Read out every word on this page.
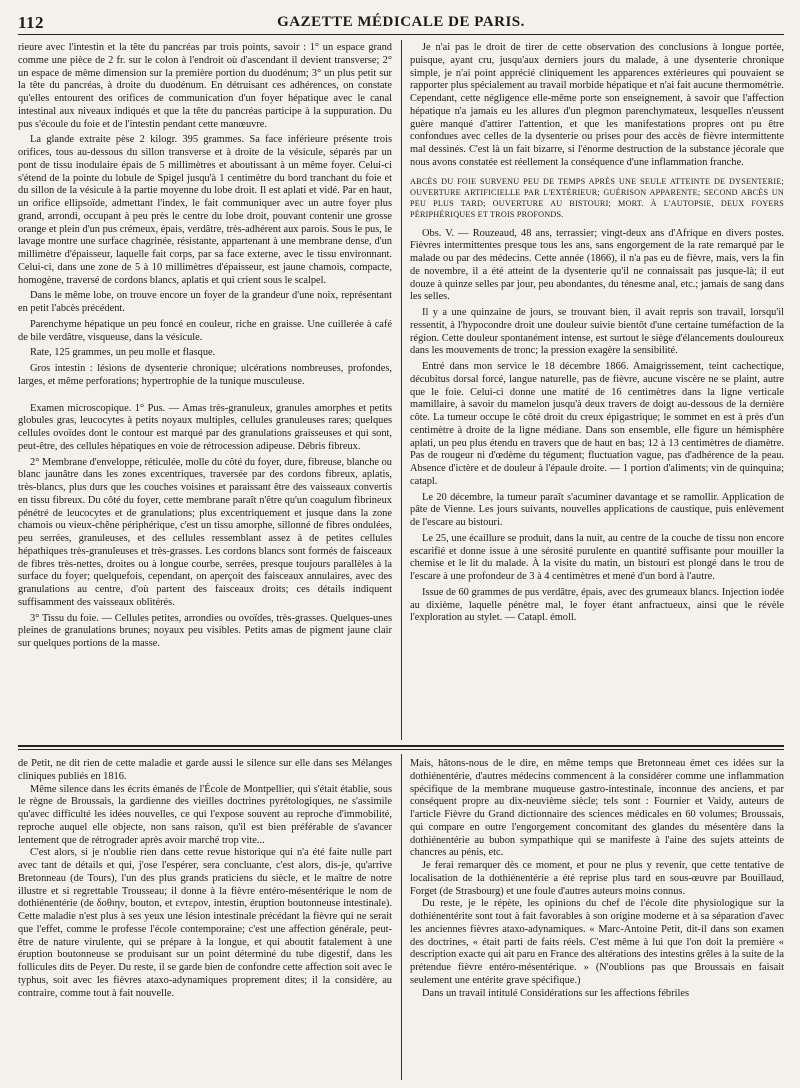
112	GAZETTE MÉDICALE DE PARIS.

rieure avec l'intestin et la tête du pancréas par trois points, savoir : 1° un espace grand comme une pièce de 2 fr. sur le colon à l'endroit où d'ascendant il devient transverse; 2° un espace de même dimension sur la première portion du duodénum; 3° un plus petit sur la tête du pancréas, à droite du duodénum. En détruisant ces adhérences, on constate qu'elles entourent des orifices de communication d'un foyer hépatique avec le canal intestinal aux niveaux indiqués et que la tête du pancréas participe à la suppuration. Du pus s'écoule du foie et de l'intestin pendant cette manœuvre.

La glande extraite pèse 2 kilogr. 395 grammes. Sa face inférieure présente trois orifices, tous au-dessous du sillon transverse et à droite de la vésicule, séparés par un pont de tissu inodulaire épais de 5 millimètres et aboutissant à un même foyer. Celui-ci s'étend de la pointe du lobule de Spigel jusqu'à 1 centimètre du bord tranchant du foie et du sillon de la vésicule à la partie moyenne du lobe droit. Il est aplati et vidé. Par en haut, un orifice ellipsoïde, admettant l'index, le fait communiquer avec un autre foyer plus grand, arrondi, occupant à peu près le centre du lobe droit, pouvant contenir une grosse orange et plein d'un pus crémeux, épais, verdâtre, très-adhérent aux parois. Sous le pus, le lavage montre une surface chagrinée, résistante, appartenant à une membrane dense, d'un millimètre d'épaisseur, laquelle fait corps, par sa face externe, avec le tissu environnant. Celui-ci, dans une zone de 5 à 10 millimètres d'épaisseur, est jaune chamois, compacte, homogène, traversé de cordons blancs, aplatis et qui crient sous le scalpel.

Dans le même lobe, on trouve encore un foyer de la grandeur d'une noix, représentant en petit l'abcès précédent.

Parenchyme hépatique un peu foncé en couleur, riche en graisse. Une cuillerée à café de bile verdâtre, visqueuse, dans la vésicule.

Rate, 125 grammes, un peu molle et flasque.

Gros intestin : lésions de dysenterie chronique; ulcérations nombreuses, profondes, larges, et même perforations; hypertrophie de la tunique musculeuse.

Examen microscopique. 1° Pus. — Amas très-granuleux, granules amorphes et petits globules gras, leucocytes à petits noyaux multiples, cellules granuleuses rares; quelques cellules ovoïdes dont le contour est marqué par des granulations graisseuses et qui sont, peut-être, des cellules hépatiques en voie de rétrocession adipeuse. Débris fibreux.

2° Membrane d'enveloppe, réticulée, molle du côté du foyer, dure, fibreuse, blanche ou blanc jaunâtre dans les zones excentriques, traversée par des cordons fibreux, aplatis, très-blancs, plus durs que les couches voisines et paraissant être des vaisseaux convertis en tissu fibreux. Du côté du foyer, cette membrane paraît n'être qu'un coagulum fibrineux pénétré de leucocytes et de granulations; plus excentriquement et jusque dans la zone chamois ou vieux-chêne périphérique, c'est un tissu amorphe, sillonné de fibres ondulées, peu serrées, granuleuses, et des cellules ressemblant assez à de petites cellules hépathiques très-granuleuses et très-grasses. Les cordons blancs sont formés de faisceaux de fibres très-nettes, droites ou à longue courbe, serrées, presque toujours parallèles à la surface du foyer; quelquefois, cependant, on aperçoit des faisceaux annulaires, avec des granulations au centre, d'où partent des faisceaux droits; ces détails indiquent suffisamment des vaisseaux oblitérés.

3° Tissu du foie. — Cellules petites, arrondies ou ovoïdes, très-grasses. Quelques-unes pleines de granulations brunes; noyaux peu visibles. Petits amas de pigment jaune clair sur quelques portions de la masse.

Je n'ai pas le droit de tirer de cette observation des conclusions à longue portée, puisque, ayant cru, jusqu'aux derniers jours du malade, à une dysenterie chronique simple, je n'ai point apprécié cliniquement les apparences extérieures qui pouvaient se rapporter plus spécialement au travail morbide hépatique et n'ai fait aucune thermométrie. Cependant, cette négligence elle-même porte son enseignement, à savoir que l'affection hépatique n'a jamais eu les allures d'un plegmon parenchymateux, lesquelles n'eussent guère manqué d'attirer l'attention, et que les manifestations propres ont pu être confondues avec celles de la dysenterie ou prises pour des accès de fièvre intermittente mal dessinés. C'est là un fait bizarre, si l'énorme destruction de la substance jécorale que nous avons constatée est réellement la conséquence d'une inflammation franche.

ABCÈS DU FOIE SURVENU PEU DE TEMPS APRÈS UNE SEULE ATTEINTE DE DYSENTERIE; OUVERTURE ARTIFICIELLE PAR L'EXTÉRIEUR; GUÉRISON APPARENTE; SECOND ABCÈS UN PEU PLUS TARD; OUVERTURE AU BISTOURI; MORT. À L'AUTOPSIE, DEUX FOYERS PÉRIPHÉRIQUES ET TROIS PROFONDS.

Obs. V. — Rouzeaud, 48 ans, terrassier; vingt-deux ans d'Afrique en divers postes. Fièvres intermittentes presque tous les ans, sans engorgement de la rate remarqué par le malade ou par des médecins. Cette année (1866), il n'a pas eu de fièvre, mais, vers la fin de novembre, il a été atteint de la dysenterie qu'il ne connaissait pas jusque-là; il eut douze à quinze selles par jour, peu abondantes, du ténesme anal, etc.; jamais de sang dans les selles.

Il y a une quinzaine de jours, se trouvant bien, il avait repris son travail, lorsqu'il ressentit, à l'hypocondre droit une douleur suivie bientôt d'une certaine tuméfaction de la région. Cette douleur spontanément intense, est surtout le siège d'élancements douloureux dans les mouvements de tronc; la pression exagère la sensibilité.

Entré dans mon service le 18 décembre 1866. Amaigrissement, teint cachectique, décubitus dorsal forcé, langue naturelle, pas de fièvre, aucune viscère ne se plaint, autre que le foie. Celui-ci donne une matité de 16 centimètres dans la ligne verticale mamillaire, à savoir du mamelon jusqu'à deux travers de doigt au-dessous de la dernière côte. La tumeur occupe le côté droit du creux épigastrique; le sommet en est à près d'un centimètre à droite de la ligne médiane. Dans son ensemble, elle figure un hémisphère aplati, un peu plus étendu en travers que de haut en bas; 12 à 13 centimètres de diamètre. Pas de rougeur ni d'œdème du tégument; fluctuation vague, pas d'adhérence de la peau. Absence d'ictère et de douleur à l'épaule droite. — 1 portion d'aliments; vin de quinquina; catapl.

Le 20 décembre, la tumeur paraît s'acuminer davantage et se ramollir. Application de pâte de Vienne. Les jours suivants, nouvelles applications de caustique, puis enlèvement de l'escare au bistouri.

Le 25, une écaillure se produit, dans la nuit, au centre de la couche de tissu non encore escarifié et donne issue à une sérosité purulente en quantité suffisante pour mouiller la chemise et le lit du malade. À la visite du matin, un bistouri est plongé dans le trou de l'escare à une profondeur de 3 à 4 centimètres et mené d'un bord à l'autre.

Issue de 60 grammes de pus verdâtre, épais, avec des grumeaux blancs. Injection iodée au dixième, laquelle pénètre mal, le foyer étant anfractueux, ainsi que le révèle l'exploration au stylet. — Catapl. émoll.

de Petit, ne dit rien de cette maladie et garde aussi le silence sur elle dans ses Mélanges cliniques publiés en 1816.

Même silence dans les écrits émanés de l'École de Montpellier, qui s'était établie, sous le règne de Broussais, la gardienne des vieilles doctrines pyrétologiques, ne s'assimile qu'avec difficulté les idées nouvelles, ce qui l'expose souvent au reproche d'immobilité, reproche auquel elle objecte, non sans raison, qu'il est bien préférable de s'avancer lentement que de rétrograder après avoir marché trop vite...

C'est alors, si je n'oublie rien dans cette revue historique qui n'a été faite nulle part avec tant de détails et qui, j'ose l'espérer, sera concluante, c'est alors, dis-je, qu'arrive Bretonneau (de Tours), l'un des plus grands praticiens du siècle, et le maître de notre illustre et si regrettable Trousseau; il donne à la fièvre entéro-mésentérique le nom de dothiénentérie (de δοθιην, bouton, et εντερον, intestin, éruption boutonneuse intestinale). Cette maladie n'est plus à ses yeux une lésion intestinale précédant la fièvre qui ne serait que l'effet, comme le professe l'école contemporaine; c'est une affection générale, peut-être de nature virulente, qui se prépare à la longue, et qui aboutit fatalement à une éruption boutonneuse se produisant sur un point déterminé du tube digestif, dans les follicules dits de Peyer. Du reste, il se garde bien de confondre cette affection soit avec le typhus, soit avec les fièvres ataxo-adynamiques proprement dites; il la considère, au contraire, comme tout à fait nouvelle.

Mais, hâtons-nous de le dire, en même temps que Bretonneau émet ces idées sur la dothiénentérie, d'autres médecins commencent à la considérer comme une inflammation spécifique de la membrane muqueuse gastro-intestinale, inconnue des anciens, et par conséquent propre au dix-neuvième siècle; tels sont : Fournier et Vaidy, auteurs de l'article Fièvre du Grand dictionnaire des sciences médicales en 60 volumes; Broussais, qui compare en outre l'engorgement concomitant des glandes du mésentère dans la dothiénentérie au bubon sympathique qui se manifeste à l'aine des sujets atteints de chancres au pénis, etc.

Je ferai remarquer dès ce moment, et pour ne plus y revenir, que cette tentative de localisation de la dothiénentérie a été reprise plus tard en sous-œuvre par Bouillaud, Forget (de Strasbourg) et une foule d'autres auteurs moins connus.

Du reste, je le répète, les opinions du chef de l'école dite physiologique sur la dothiénentérite sont tout à fait favorables à son origine moderne et à sa séparation d'avec les anciennes fièvres ataxo-adynamiques. « Marc-Antoine Petit, dit-il dans son examen des doctrines, « était parti de faits réels. C'est même à lui que l'on doit la première « description exacte qui ait paru en France des altérations des intestins grêles à la suite de la prétendue fièvre entéro-mésentérique. » (N'oublions pas que Broussais en faisait seulement une entérite grave spécifique.)

Dans un travail intitulé Considérations sur les affections fébriles
